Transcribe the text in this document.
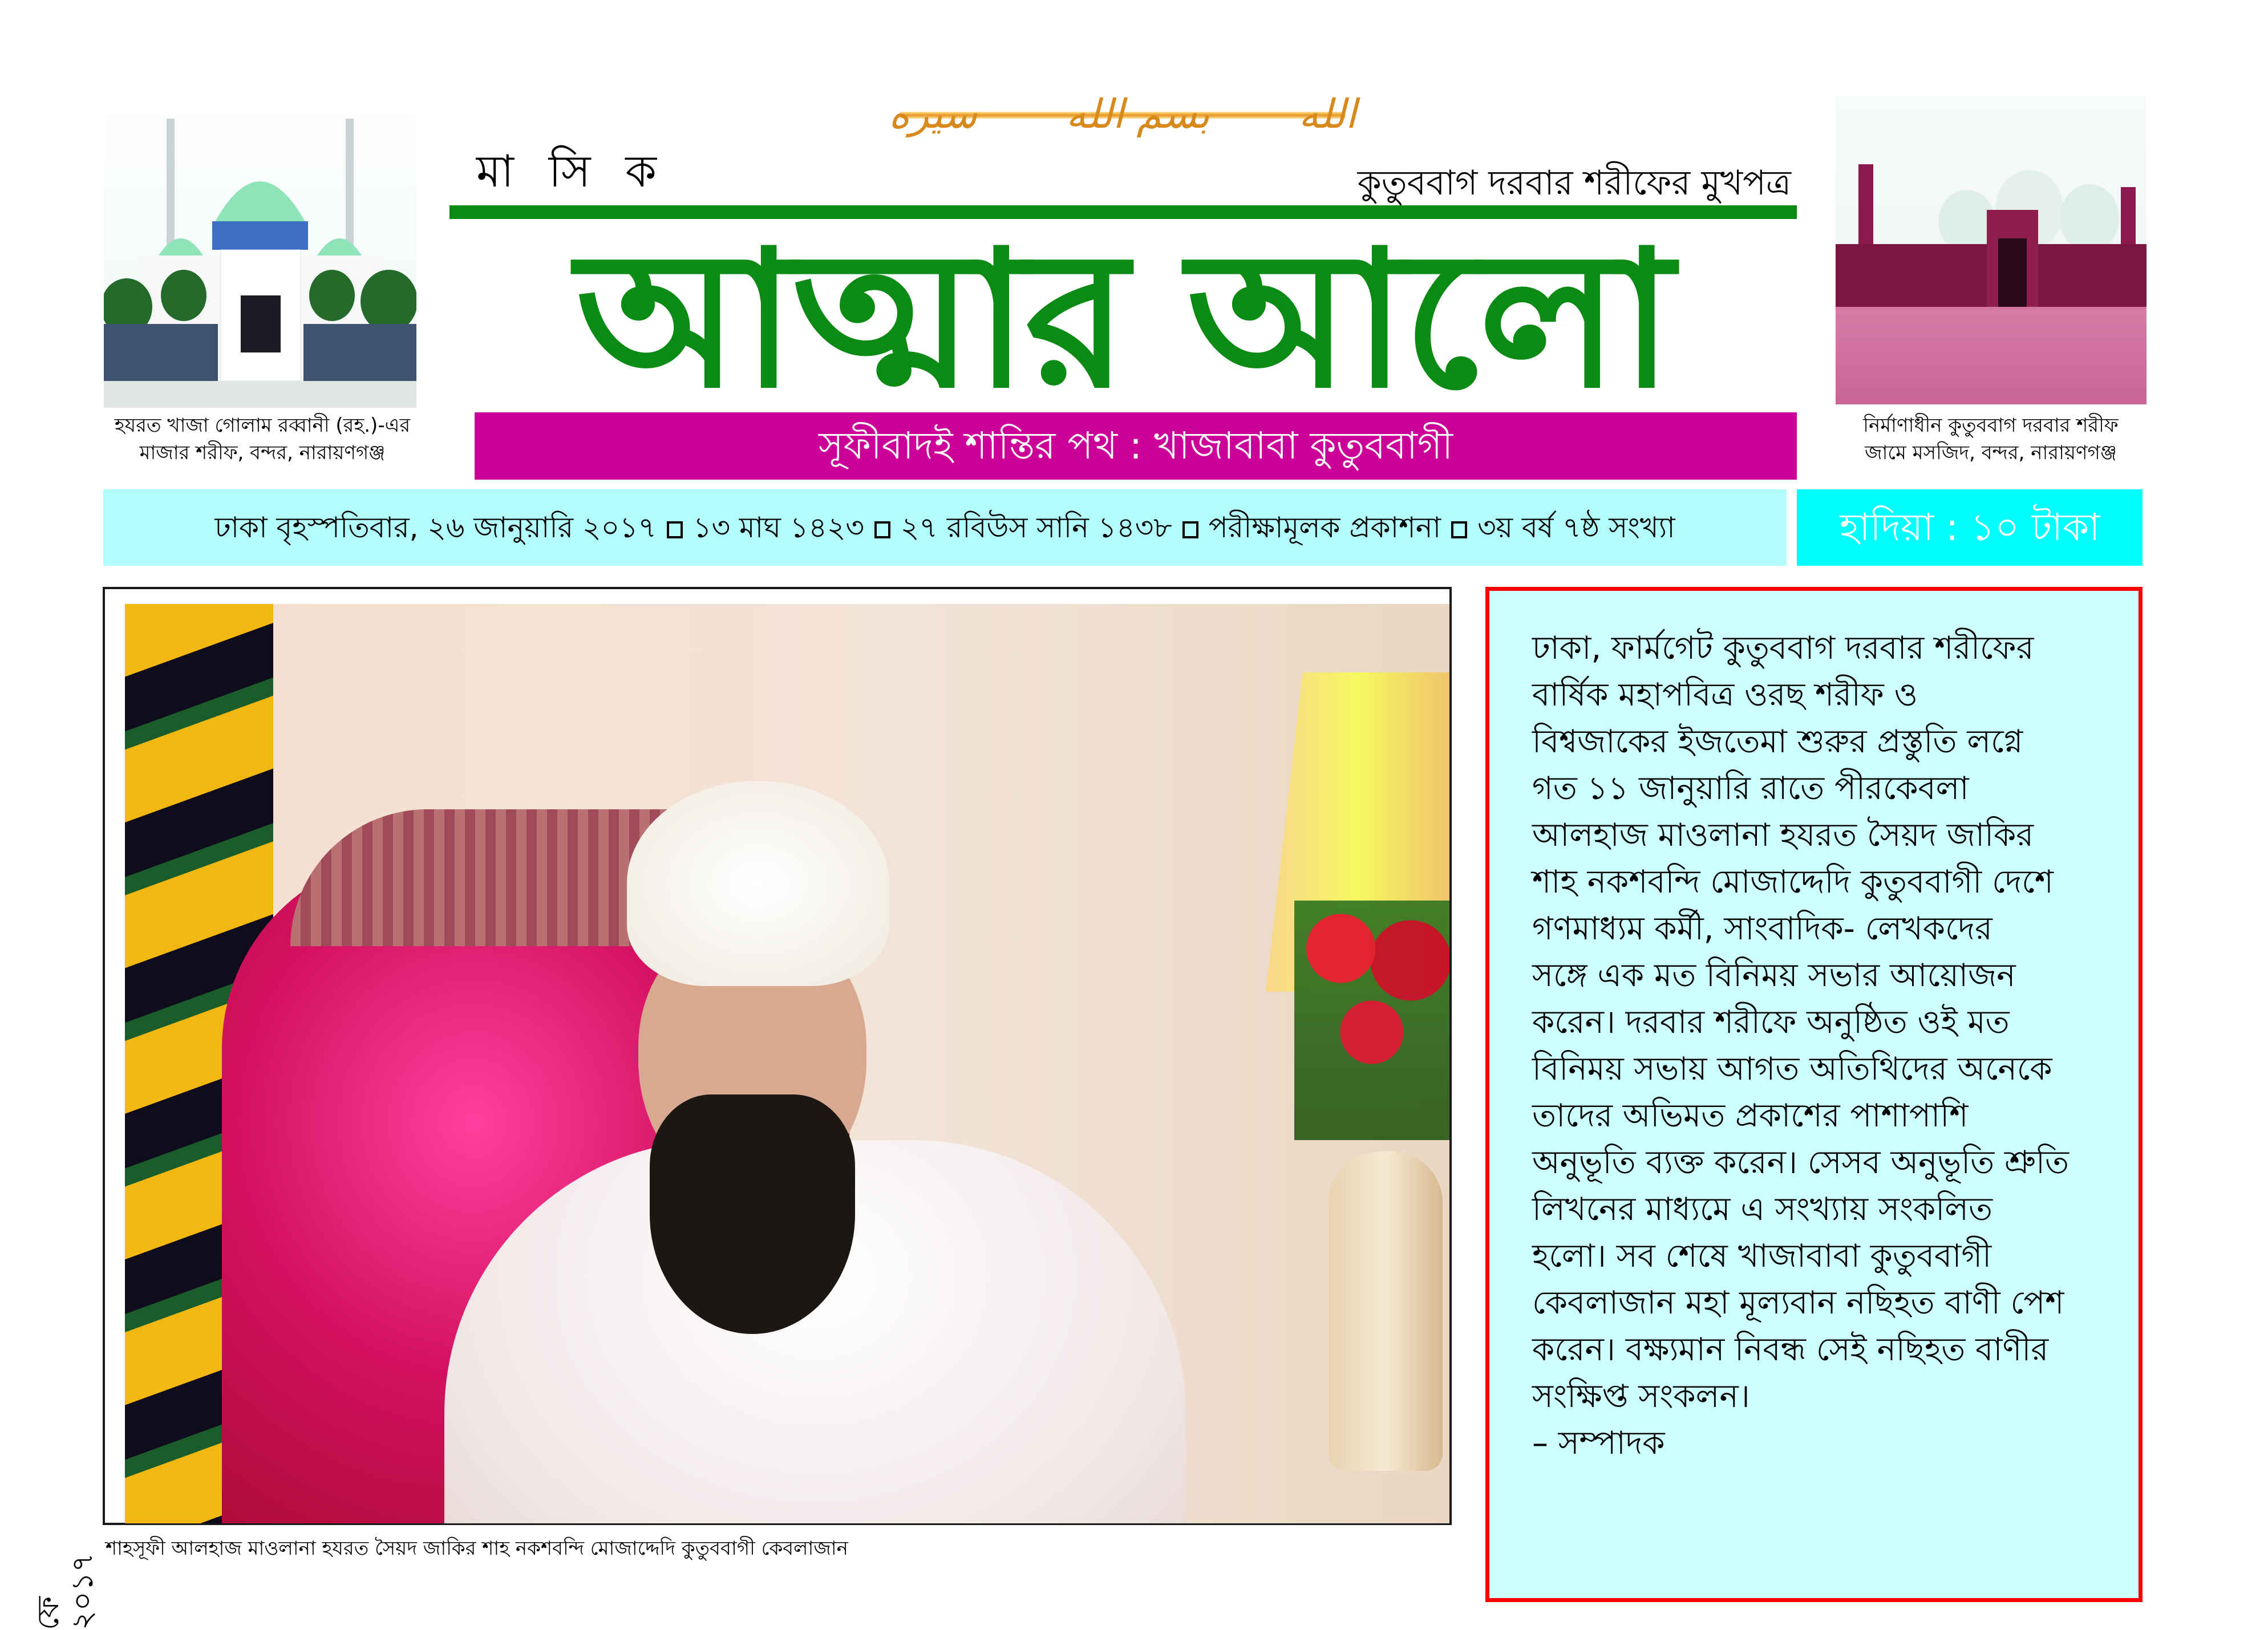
سيره بسم الله الله
হযরত খাজা গোলাম রব্বানী (রহ.)-এর
মাজার শরীফ, বন্দর, নারায়ণগঞ্জ
নির্মাণাধীন কুতুববাগ দরবার শরীফ
জামে মসজিদ, বন্দর, নারায়ণগঞ্জ
মা সি ক	কুতুববাগ দরবার শরীফের মুখপত্র
আত্মার আলো
সূফীবাদই শান্তির পথ : খাজাবাবা কুতুববাগী
ঢাকা বৃহস্পতিবার, ২৬ জানুয়ারি ২০১৭ ১৩ মাঘ ১৪২৩ ২৭ রবিউস সানি ১৪৩৮ পরীক্ষামূলক প্রকাশনা ৩য় বর্ষ ৭ষ্ঠ সংখ্যা	হাদিয়া : ১০ টাকা
শাহসূফী আলহাজ মাওলানা হযরত সৈয়দ জাকির শাহ নকশবন্দি মোজাদ্দেদি কুতুববাগী কেবলাজান
ফে ২০১৭

ঢাকা, ফার্মগেট কুতুববাগ দরবার শরীফের

বার্ষিক মহাপবিত্র ওরছ শরীফ ও

বিশ্বজাকের ইজতেমা শুরুর প্রস্তুতি লগ্নে

গত ১১ জানুয়ারি রাতে পীরকেবলা

আলহাজ মাওলানা হযরত সৈয়দ জাকির

শাহ নকশবন্দি মোজাদ্দেদি কুতুববাগী দেশে

গণমাধ্যম কর্মী, সাংবাদিক- লেখকদের

সঙ্গে এক মত বিনিময় সভার আয়োজন

করেন। দরবার শরীফে অনুষ্ঠিত ওই মত

বিনিময় সভায় আগত অতিথিদের অনেকে

তাদের অভিমত প্রকাশের পাশাপাশি

অনুভূতি ব্যক্ত করেন। সেসব অনুভূতি শ্রুতি

লিখনের মাধ্যমে এ সংখ্যায় সংকলিত

হলো। সব শেষে খাজাবাবা কুতুববাগী

কেবলাজান মহা মূল্যবান নছিহত বাণী পেশ

করেন। বক্ষ্যমান নিবন্ধ সেই নছিহত বাণীর

সংক্ষিপ্ত সংকলন।

– সম্পাদক
